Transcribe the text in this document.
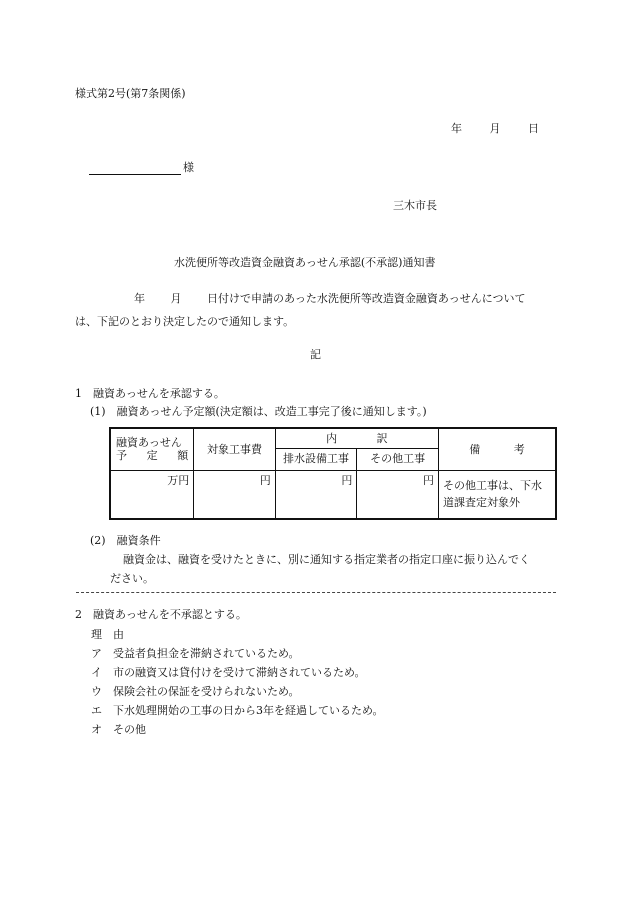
様式第2号(第7条関係)
年	月	日
様
三木市長
水洗便所等改造資金融資あっせん承認(不承認)通知書
年 月 日付けで申請のあった水洗便所等改造資金融資あっせんについて
は、下記のとおり決定したので通知します。
記
1　融資あっせんを承認する。
(1)　融資あっせん予定額(決定額は、改造工事完了後に通知します。)
融資あっせん
予 定 額	対象工事費	内 訳		備 考
		排水設備工事	その他工事	
万円	円	円	円	その他工事は、下水道課査定対象外
(2)　融資条件
融資金は、融資を受けたときに、別に通知する指定業者の指定口座に振り込んでく
ださい。
2　融資あっせんを不承認とする。
理　由
ア　受益者負担金を滞納されているため。
イ　市の融資又は貸付けを受けて滞納されているため。
ウ　保険会社の保証を受けられないため。
エ　下水処理開始の工事の日から3年を経過しているため。
オ　その他
